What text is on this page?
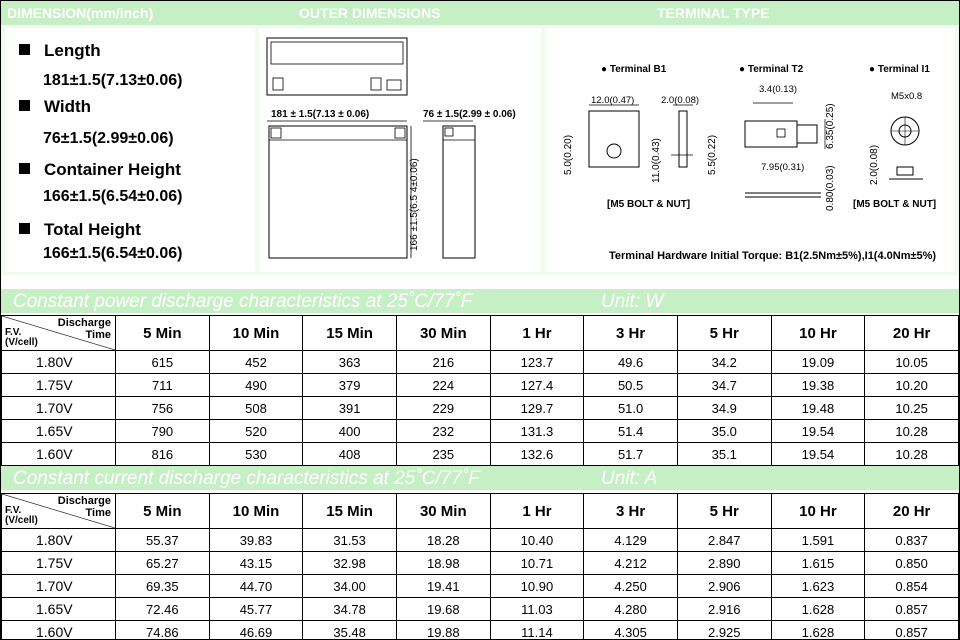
DIMENSION(mm/inch)	OUTER DIMENSIONS	TERMINAL TYPE
Length
181±1.5(7.13±0.06)
Width
76±1.5(2.99±0.06)
Container Height
166±1.5(6.54±0.06)
Total Height
166±1.5(6.54±0.06)
181 ± 1.5(7.13 ± 0.06)	76 ± 1.5(2.99 ± 0.06)
166 ±1.5(6.5 4±0.06)
● Terminal B1
12.0(0.47)	2.0(0.08)
5.0(0.20)	11.0(0.43)	5.5(0.22)
[M5 BOLT & NUT]
● Terminal T2
3.4(0.13)
6.35(0.25)
7.95(0.31) 0.80(0.03)
● Terminal I1
M5x0.8
2.0(0.08)
[M5 BOLT & NUT]
Terminal Hardware Initial Torque: B1(2.5Nm±5%),I1(4.0Nm±5%)
Constant power discharge characteristics at 25˚C/77˚F	Unit: W
Discharge
Time
F.V.
(V/cell)	5 Min	10 Min	15 Min	30 Min	1 Hr	3 Hr	5 Hr	10 Hr	20 Hr
1.80V	615	452	363	216	123.7	49.6	34.2	19.09	10.05
1.75V	711	490	379	224	127.4	50.5	34.7	19.38	10.20
1.70V	756	508	391	229	129.7	51.0	34.9	19.48	10.25
1.65V	790	520	400	232	131.3	51.4	35.0	19.54	10.28
1.60V	816	530	408	235	132.6	51.7	35.1	19.54	10.28
Constant current discharge characteristics at 25˚C/77˚F	Unit: A
Discharge
Time
F.V.
(V/cell)	5 Min	10 Min	15 Min	30 Min	1 Hr	3 Hr	5 Hr	10 Hr	20 Hr
1.80V	55.37	39.83	31.53	18.28	10.40	4.129	2.847	1.591	0.837
1.75V	65.27	43.15	32.98	18.98	10.71	4.212	2.890	1.615	0.850
1.70V	69.35	44.70	34.00	19.41	10.90	4.250	2.906	1.623	0.854
1.65V	72.46	45.77	34.78	19.68	11.03	4.280	2.916	1.628	0.857
1.60V	74.86	46.69	35.48	19.88	11.14	4.305	2.925	1.628	0.857
